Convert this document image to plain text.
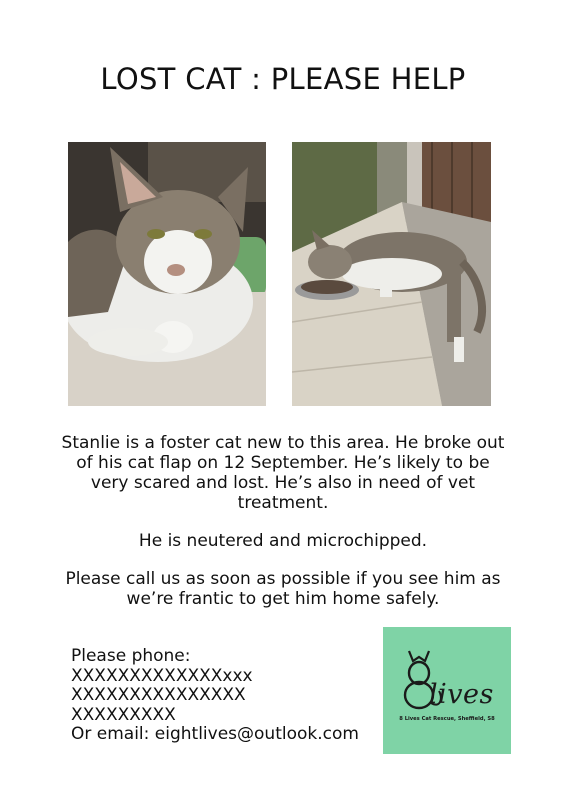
LOST CAT : PLEASE HELP
Stanlie is a foster cat new to this area. He broke out of his cat flap on 12 September. He’s likely to be very scared and lost. He’s also in need of vet treatment.
He is neutered and microchipped.
Please call us as soon as possible if you see him as we’re frantic to get him home safely.
Please phone:
XXXXXXXXXXXXXxxx
XXXXXXXXXXXXXXX
XXXXXXXXX
Or email: eightlives@outlook.com
lives
8 Lives Cat Rescue, Sheffield, S8
